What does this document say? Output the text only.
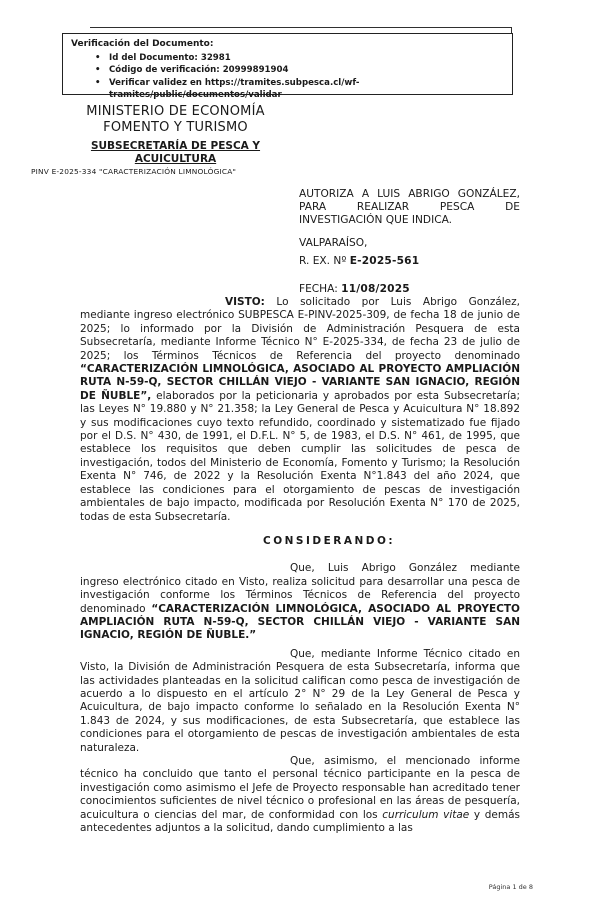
Verificación del Documento:
• Id del Documento: 32981
• Código de verificación: 20999891904
• Verificar validez en https://tramites.subpesca.cl/wf-tramites/public/documentos/validar
MINISTERIO DE ECONOMÍA
FOMENTO Y TURISMO
SUBSECRETARÍA DE PESCA Y ACUICULTURA
PINV E-2025-334 "CARACTERIZACIÓN LIMNOLÓGICA"
AUTORIZA A LUIS ABRIGO GONZÁLEZ, PARA REALIZAR PESCA DE INVESTIGACIÓN QUE INDICA.
VALPARAÍSO,
R. EX. Nº E-2025-561
FECHA: 11/08/2025
VISTO: Lo solicitado por Luis Abrigo González, mediante ingreso electrónico SUBPESCA E-PINV-2025-309, de fecha 18 de junio de 2025; lo informado por la División de Administración Pesquera de esta Subsecretaría, mediante Informe Técnico N° E-2025-334, de fecha 23 de julio de 2025; los Términos Técnicos de Referencia del proyecto denominado “CARACTERIZACIÓN LIMNOLÓGICA, ASOCIADO AL PROYECTO AMPLIACIÓN RUTA N-59-Q, SECTOR CHILLÁN VIEJO - VARIANTE SAN IGNACIO, REGIÓN DE ÑUBLE”, elaborados por la peticionaria y aprobados por esta Subsecretaría; las Leyes N° 19.880 y N° 21.358; la Ley General de Pesca y Acuicultura N° 18.892 y sus modificaciones cuyo texto refundido, coordinado y sistematizado fue fijado por el D.S. N° 430, de 1991, el D.F.L. N° 5, de 1983, el D.S. N° 461, de 1995, que establece los requisitos que deben cumplir las solicitudes de pesca de investigación, todos del Ministerio de Economía, Fomento y Turismo; la Resolución Exenta N° 746, de 2022 y la Resolución Exenta N°1.843 del año 2024, que establece las condiciones para el otorgamiento de pescas de investigación ambientales de bajo impacto, modificada por Resolución Exenta N° 170 de 2025, todas de esta Subsecretaría.
CONSIDERANDO:
Que, Luis Abrigo González mediante ingreso electrónico citado en Visto, realiza solicitud para desarrollar una pesca de investigación conforme los Términos Técnicos de Referencia del proyecto denominado “CARACTERIZACIÓN LIMNOLÓGICA, ASOCIADO AL PROYECTO AMPLIACIÓN RUTA N-59-Q, SECTOR CHILLÁN VIEJO - VARIANTE SAN IGNACIO, REGIÓN DE ÑUBLE.”
Que, mediante Informe Técnico citado en Visto, la División de Administración Pesquera de esta Subsecretaría, informa que las actividades planteadas en la solicitud califican como pesca de investigación de acuerdo a lo dispuesto en el artículo 2° N° 29 de la Ley General de Pesca y Acuicultura, de bajo impacto conforme lo señalado en la Resolución Exenta N° 1.843 de 2024, y sus modificaciones, de esta Subsecretaría, que establece las condiciones para el otorgamiento de pescas de investigación ambientales de esta naturaleza.
Que, asimismo, el mencionado informe técnico ha concluido que tanto el personal técnico participante en la pesca de investigación como asimismo el Jefe de Proyecto responsable han acreditado tener conocimientos suficientes de nivel técnico o profesional en las áreas de pesquería, acuicultura o ciencias del mar, de conformidad con los curriculum vitae y demás antecedentes adjuntos a la solicitud, dando cumplimiento a las
Página 1 de 8
